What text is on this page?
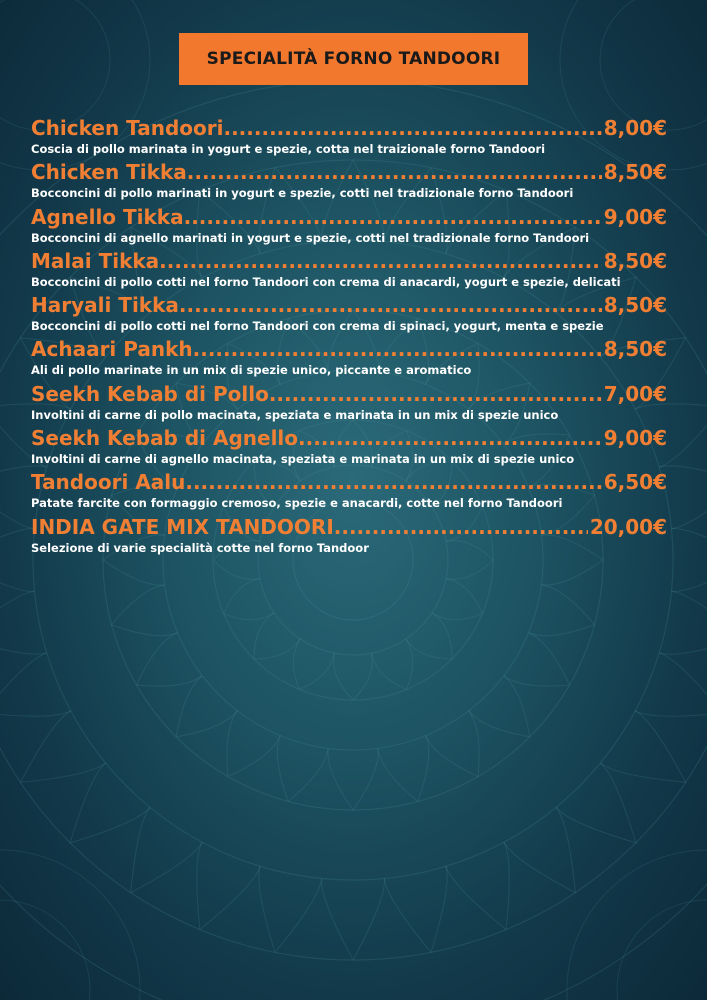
SPECIALITÀ FORNO TANDOORI
Chicken Tandoori .....	8,00€
Coscia di pollo marinata in yogurt e spezie, cotta nel traizionale forno Tandoori
Chicken Tikka .....	8,50€
Bocconcini di pollo marinati in yogurt e spezie, cotti nel tradizionale forno Tandoori
Agnello Tikka .....	9,00€
Bocconcini di agnello marinati in yogurt e spezie, cotti nel tradizionale forno Tandoori
Malai Tikka .....	8,50€
Bocconcini di pollo cotti nel forno Tandoori con crema di anacardi, yogurt e spezie, delicati
Haryali Tikka .....	8,50€
Bocconcini di pollo cotti nel forno Tandoori con crema di spinaci, yogurt, menta e spezie
Achaari Pankh .....	8,50€
Ali di pollo marinate in un mix di spezie unico, piccante e aromatico
Seekh Kebab di Pollo .....	7,00€
Involtini di carne di pollo macinata, speziata e marinata in un mix di spezie unico
Seekh Kebab di Agnello .....	9,00€
Involtini di carne di agnello macinata, speziata e marinata in un mix di spezie unico
Tandoori Aalu .....	6,50€
Patate farcite con formaggio cremoso, spezie e anacardi, cotte nel forno Tandoori
INDIA GATE MIX TANDOORI .....	20,00€
Selezione di varie specialità cotte nel forno Tandoor
